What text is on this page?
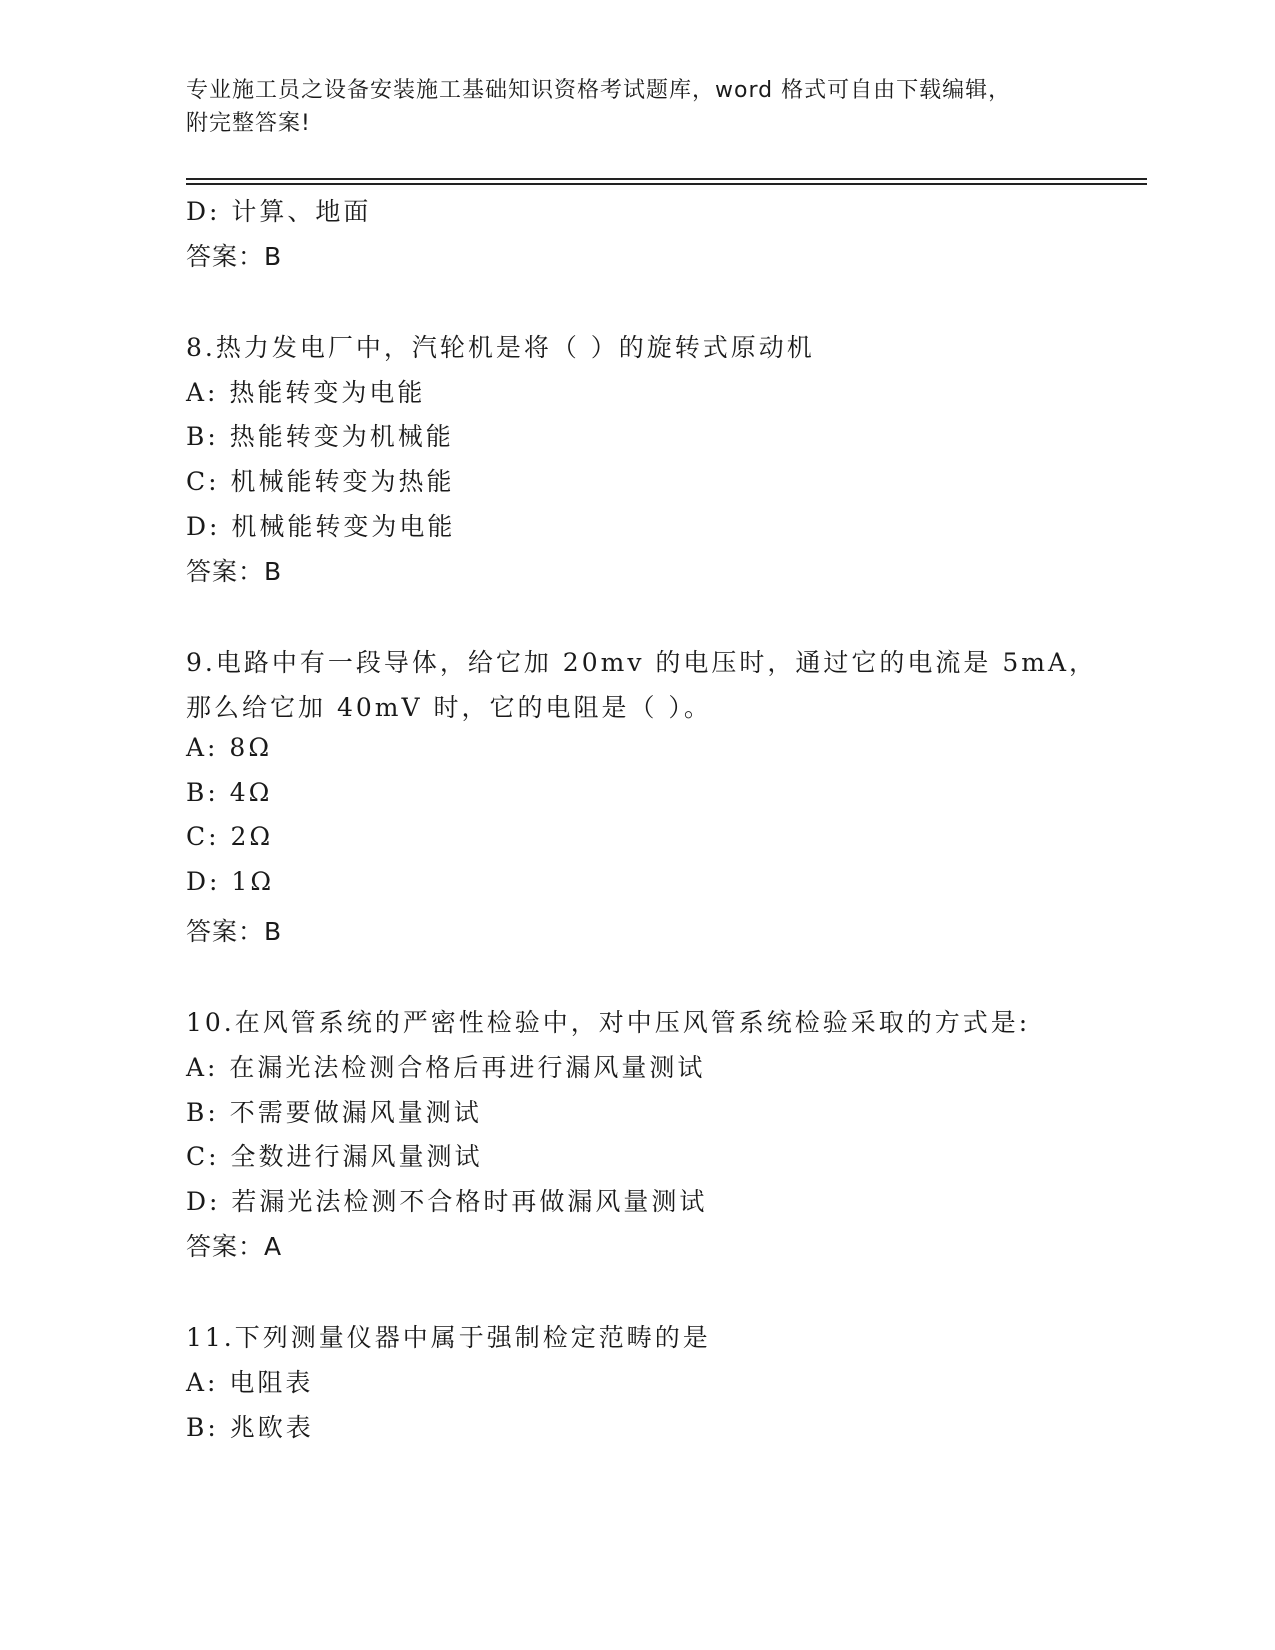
专业施工员之设备安装施工基础知识资格考试题库，word 格式可自由下载编辑，
附完整答案!
D: 计算、地面
答案：B
8.热力发电厂中，汽轮机是将（ ）的旋转式原动机
A: 热能转变为电能
B: 热能转变为机械能
C: 机械能转变为热能
D: 机械能转变为电能
答案：B
9.电路中有一段导体，给它加 20mv 的电压时，通过它的电流是 5mA，
那么给它加 40mV 时，它的电阻是（ ）。
A: 8Ω
B: 4Ω
C: 2Ω
D: 1Ω
答案：B
10.在风管系统的严密性检验中，对中压风管系统检验采取的方式是:
A: 在漏光法检测合格后再进行漏风量测试
B: 不需要做漏风量测试
C: 全数进行漏风量测试
D: 若漏光法检测不合格时再做漏风量测试
答案：A
11.下列测量仪器中属于强制检定范畴的是
A: 电阻表
B: 兆欧表
